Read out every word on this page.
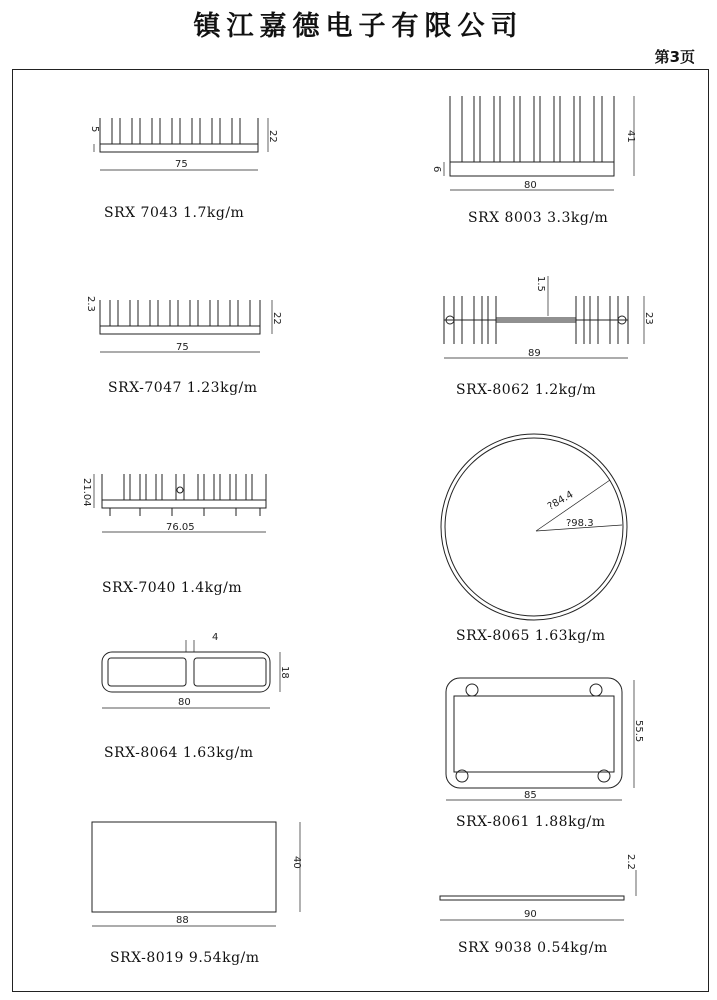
镇江嘉德电子有限公司
第3页
5
22
75
SRX 7043 1.7kg/m
41
6
80
SRX 8003 3.3kg/m
2.3
22
75
SRX-7047 1.23kg/m
1.5
23
89
SRX-8062 1.2kg/m
21.04
76.05
SRX-7040 1.4kg/m
?84.4
?98.3
SRX-8065 1.63kg/m
4
18
80
SRX-8064 1.63kg/m
55.5
85
SRX-8061 1.88kg/m
40
88
SRX-8019 9.54kg/m
2.2
90
SRX 9038 0.54kg/m
